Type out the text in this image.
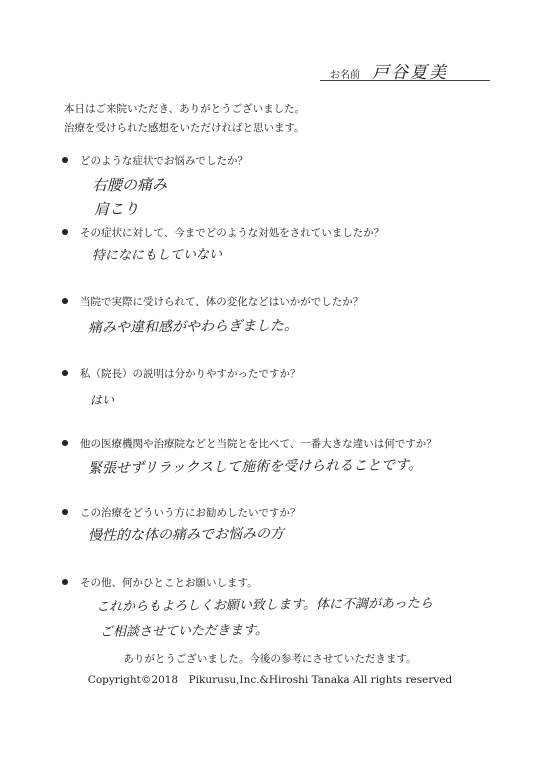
お名前 戸谷夏美
本日はご来院いただき、ありがとうございました。
治療を受けられた感想をいただければと思います。
どのような症状でお悩みでしたか？
右腰の痛み
肩こり
その症状に対して、今までどのような対処をされていましたか？
特になにもしていない
当院で実際に受けられて、体の変化などはいかがでしたか？
痛みや違和感がやわらぎました。
私（院長）の説明は分かりやすかったですか？
はい
他の医療機関や治療院などと当院とを比べて、一番大きな違いは何ですか？
緊張せずリラックスして施術を受けられることです。
この治療をどういう方にお勧めしたいですか？
慢性的な体の痛みでお悩みの方
その他、何かひとことお願いします。
これからもよろしくお願い致します。体に不調があったら
ご相談させていただきます。
ありがとうございました。今後の参考にさせていただきます。
Copyright©2018　Pikurusu,Inc.&Hiroshi Tanaka All rights reserved
